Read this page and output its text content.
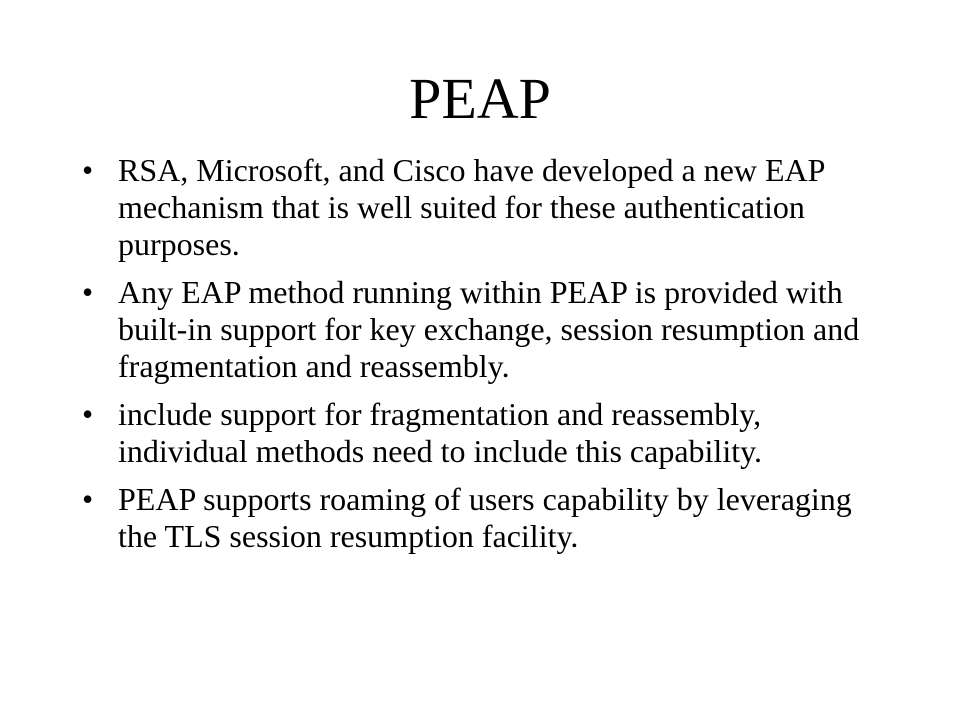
PEAP
• RSA, Microsoft, and Cisco have developed a new EAP mechanism that is well suited for these authentication purposes.
• Any EAP method running within PEAP is provided with built-in support for key exchange, session resumption and fragmentation and reassembly.
• include support for fragmentation and reassembly, individual methods need to include this capability.
• PEAP supports roaming of users capability by leveraging the TLS session resumption facility.
